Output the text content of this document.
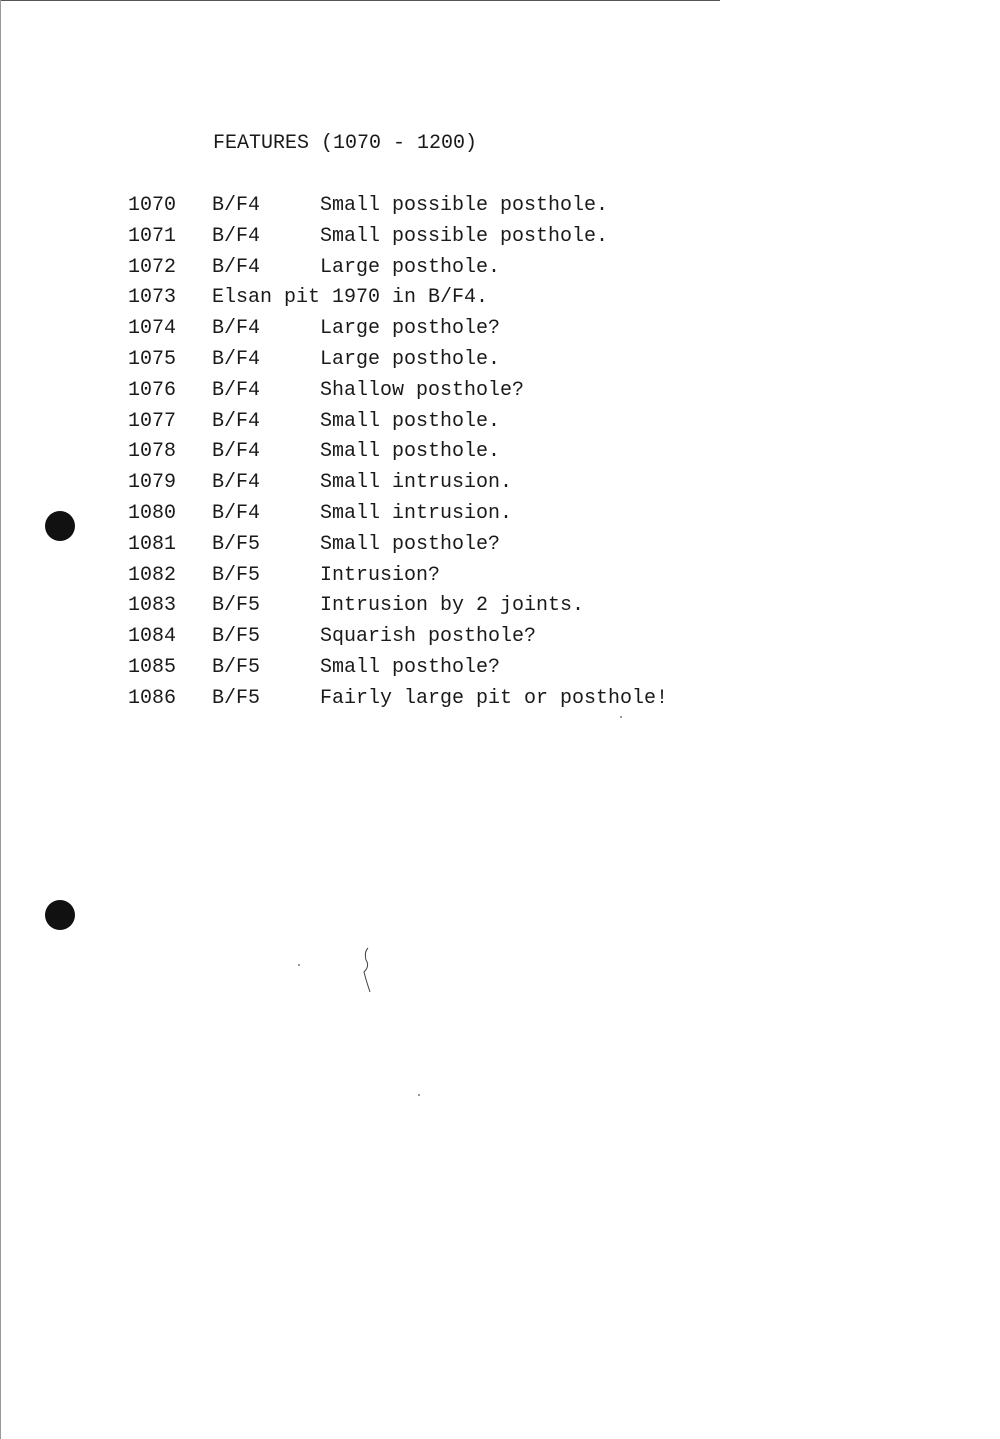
FEATURES (1070 - 1200)
1070 B/F4	Small possible posthole.
1071 B/F4	Small possible posthole.
1072 B/F4	Large posthole.
1073 Elsan pit 1970 in B/F4.
1074 B/F4	Large posthole?
1075 B/F4	Large posthole.
1076 B/F4	Shallow posthole?
1077 B/F4	Small posthole.
1078 B/F4	Small posthole.
1079 B/F4	Small intrusion.
1080 B/F4	Small intrusion.
1081 B/F5	Small posthole?
1082 B/F5	Intrusion?
1083 B/F5	Intrusion by 2 joints.
1084 B/F5	Squarish posthole?
1085 B/F5	Small posthole?
1086 B/F5	Fairly large pit or posthole!
